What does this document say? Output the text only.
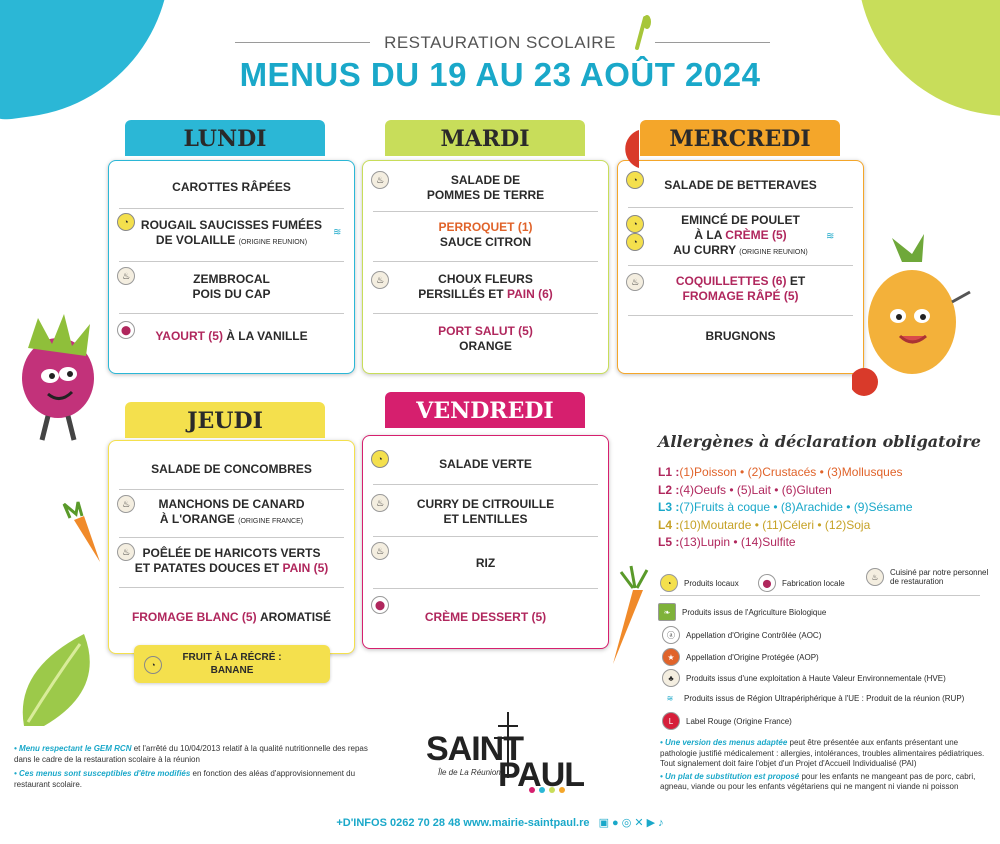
RESTAURATION SCOLAIRE
MENUS DU 19 AU 23 AOÛT 2024
LUNDI
CAROTTES RÂPÉES
ROUGAIL SAUCISSES FUMÉES
DE VOLAILLE (ORIGINE REUNION)
◔
≋
ZEMBROCAL
POIS DU CAP
♨
YAOURT (5)
À LA VANILLE
⬤
MARDI
SALADE DE
POMMES DE TERRE
♨
PERROQUET (1)
SAUCE CITRON
CHOUX FLEURS
PERSILLÉS ET PAIN (6)
♨
PORT SALUT (5)
ORANGE
MERCREDI
SALADE DE BETTERAVES
◔
EMINCÉ DE POULET
À LA CRÈME (5)
AU CURRY (ORIGINE REUNION)
◔
◔	≋
COQUILLETTES (6) ET
FROMAGE RÂPÉ (5)
♨
BRUGNONS
JEUDI
SALADE DE CONCOMBRES
MANCHONS DE CANARD
À L'ORANGE (ORIGINE FRANCE)
♨
POÊLÉE DE HARICOTS VERTS
ET PATATES DOUCES ET PAIN (5)
♨
FROMAGE BLANC (5)
AROMATISÉ
◔
FRUIT À LA RÉCRÉ :
BANANE
VENDREDI
SALADE VERTE
◔
CURRY DE CITROUILLE
ET LENTILLES
♨
RIZ
♨
CRÈME DESSERT (5)
⬤
Allergènes à déclaration obligatoire
L1 :(1)Poisson • (2)Crustacés • (3)Mollusques
L2 :(4)Oeufs • (5)Lait • (6)Gluten
L3 :(7)Fruits à coque • (8)Arachide • (9)Sésame
L4 :(10)Moutarde • (11)Céleri • (12)Soja
L5 :(13)Lupin • (14)Sulfite
◔	Produits locaux	⬤	Fabrication locale
♨	Cuisiné par notre personnel de restauration
❧	Produits issus de l'Agriculture Biologique
ⓐ	Appellation d'Origine Contrôlée (AOC)
★	Appellation d'Origine Protégée (AOP)
♣	Produits issus d'une exploitation à Haute Valeur Environnementale (HVE)
≋	Produits issus de Région Ultrapériphérique à l'UE : Produit de la réunion (RUP)
L	Label Rouge (Origine France)
• Une version des menus adaptée peut être présentée aux enfants présentant une pathologie justifié médicalement : allergies, intolérances, troubles alimentaires pédiatriques. Tout signalement doit faire l'objet d'un Projet d'Accueil Individualisé (PAI)
• Un plat de substitution est proposé pour les enfants ne mangeant pas de porc, cabri, agneau, viande ou pour les enfants végétariens qui ne mangent ni viande ni poisson
• Menu respectant le GEM RCN et l'arrêté du 10/04/2013 relatif à la qualité nutritionnelle des repas dans le cadre de la restauration scolaire à la réunion
• Ces menus sont susceptibles d'être modifiés en fonction des aléas d'approvisionnement du restaurant scolaire.
SAINT
PAUL
Île de La Réunion
+D'INFOS 0262 70 28 48 www.mairie-saintpaul.re ▣ ● ◎ ✕ ▶ ♪
